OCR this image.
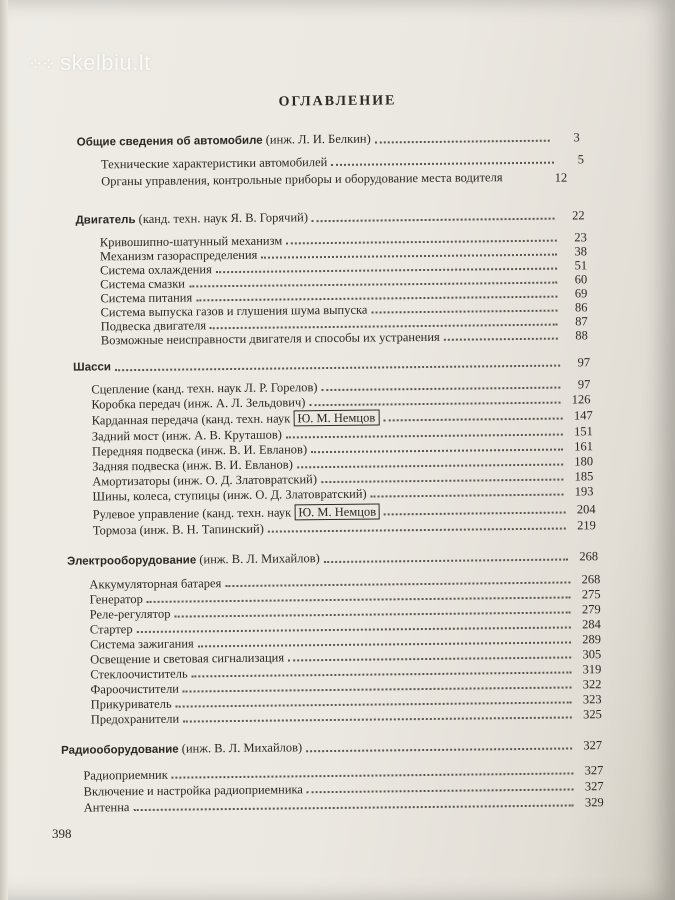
⁘⁘ skelbiu.lt
ОГЛАВЛЕНИЕ
Общие сведения об автомобиле (инж. Л. И. Белкин)	3
Технические характеристики автомобилей	5
Органы управления, контрольные приборы и оборудование места водителя	12
Двигатель (канд. техн. наук Я. В. Горячий)	22
Кривошипно-шатунный механизм	23
Механизм газораспределения	38
Система охлаждения	51
Система смазки	60
Система питания	69
Система выпуска газов и глушения шума выпуска	86
Подвеска двигателя	87
Возможные неисправности двигателя и способы их устранения	88
Шасси	97
Сцепление (канд. техн. наук Л. Р. Горелов)	97
Коробка передач (инж. А. Л. Зельдович)	126
Карданная передача (канд. техн. наук Ю. М. Немцов	147
Задний мост (инж. А. В. Круташов)	151
Передняя подвеска (инж. В. И. Евланов)	161
Задняя подвеска (инж. В. И. Евланов)	180
Амортизаторы (инж. О. Д. Златовратский)	185
Шины, колеса, ступицы (инж. О. Д. Златовратский)	193
Рулевое управление (канд. техн. наук Ю. М. Немцов	204
Тормоза (инж. В. Н. Тапинский)	219
Электрооборудование (инж. В. Л. Михайлов)	268
Аккумуляторная батарея	268
Генератор	275
Реле-регулятор	279
Стартер	284
Система зажигания	289
Освещение и световая сигнализация	305
Стеклоочиститель	319
Фароочистители	322
Прикуриватель	323
Предохранители	325
Радиооборудование (инж. В. Л. Михайлов)	327
Радиоприемник	327
Включение и настройка радиоприемника	327
Антенна	329
398
